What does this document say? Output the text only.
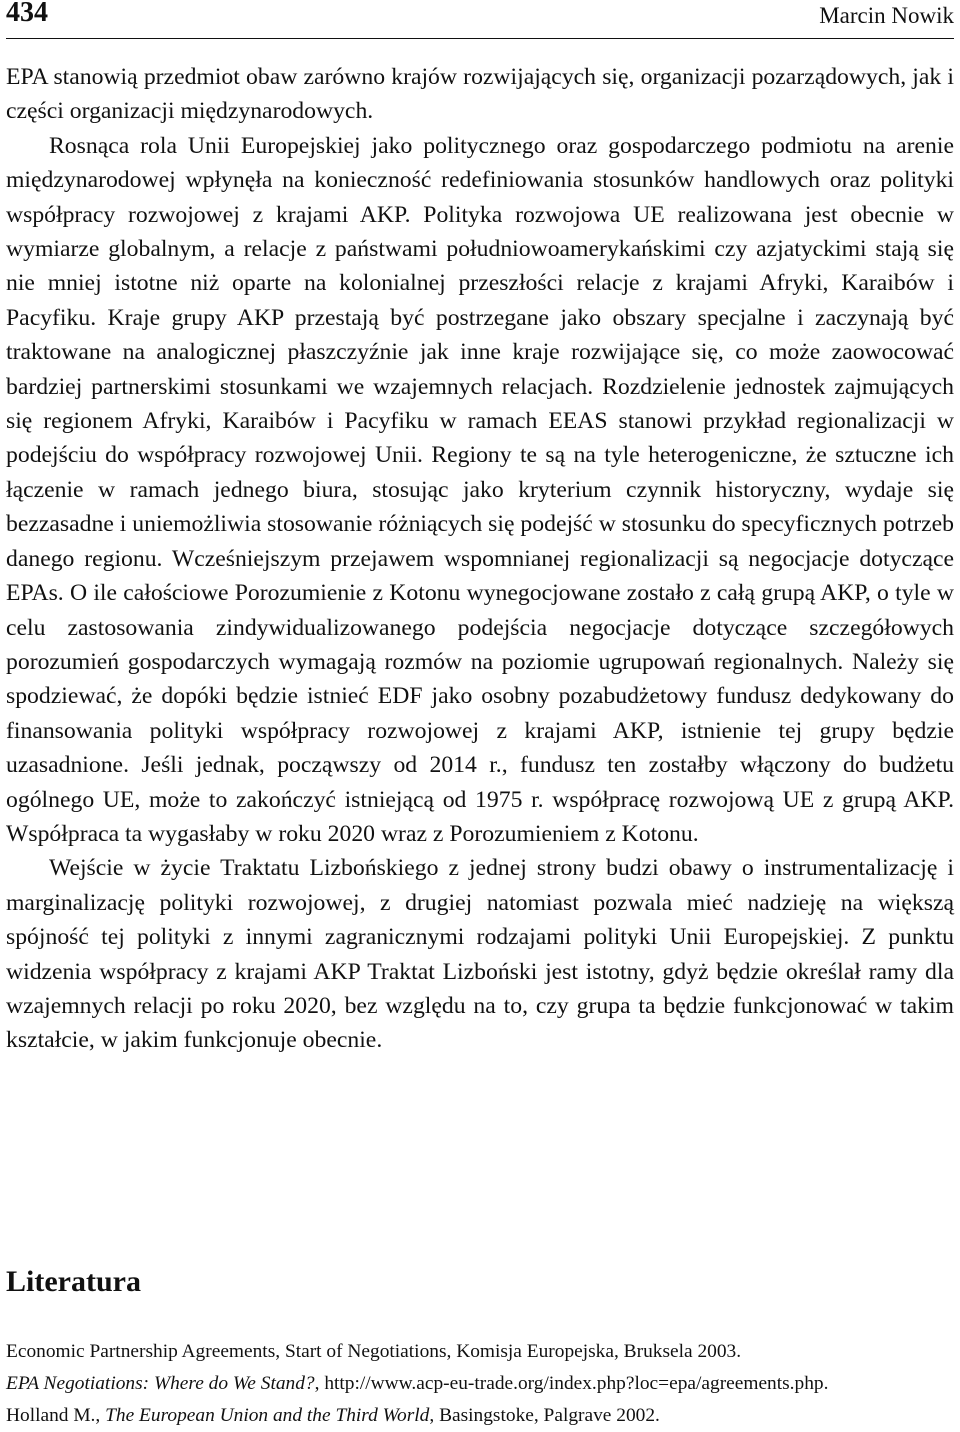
434	Marcin Nowik

EPA stanowią przedmiot obaw zarówno krajów rozwijających się, organizacji pozarządowych, jak i części organizacji międzynarodowych.

Rosnąca rola Unii Europejskiej jako politycznego oraz gospodarczego podmiotu na arenie międzynarodowej wpłynęła na konieczność redefiniowania stosunków handlowych oraz polityki współpracy rozwojowej z krajami AKP. Polityka rozwojowa UE realizowana jest obecnie w wymiarze globalnym, a relacje z państwami południowoamerykańskimi czy azjatyckimi stają się nie mniej istotne niż oparte na kolonialnej przeszłości relacje z krajami Afryki, Karaibów i Pacyfiku. Kraje grupy AKP przestają być postrzegane jako obszary specjalne i zaczynają być traktowane na analogicznej płaszczyźnie jak inne kraje rozwijające się, co może zaowocować bardziej partnerskimi stosunkami we wzajemnych relacjach. Rozdzielenie jednostek zajmujących się regionem Afryki, Karaibów i Pacyfiku w ramach EEAS stanowi przykład regionalizacji w podejściu do współpracy rozwojowej Unii. Regiony te są na tyle heterogeniczne, że sztuczne ich łączenie w ramach jednego biura, stosując jako kryterium czynnik historyczny, wydaje się bezzasadne i uniemożliwia stosowanie różniących się podejść w stosunku do specyficznych potrzeb danego regionu. Wcześniejszym przejawem wspomnianej regionalizacji są negocjacje dotyczące EPAs. O ile całościowe Porozumienie z Kotonu wynegocjowane zostało z całą grupą AKP, o tyle w celu zastosowania zindywidualizowanego podejścia negocjacje dotyczące szczegółowych porozumień gospodarczych wymagają rozmów na poziomie ugrupowań regionalnych. Należy się spodziewać, że dopóki będzie istnieć EDF jako osobny pozabudżetowy fundusz dedykowany do finansowania polityki współpracy rozwojowej z krajami AKP, istnienie tej grupy będzie uzasadnione. Jeśli jednak, począwszy od 2014 r., fundusz ten zostałby włączony do budżetu ogólnego UE, może to zakończyć istniejącą od 1975 r. współpracę rozwojową UE z grupą AKP. Współpraca ta wygasłaby w roku 2020 wraz z Porozumieniem z Kotonu.

Wejście w życie Traktatu Lizbońskiego z jednej strony budzi obawy o instrumentalizację i marginalizację polityki rozwojowej, z drugiej natomiast pozwala mieć nadzieję na większą spójność tej polityki z innymi zagranicznymi rodzajami polityki Unii Europejskiej. Z punktu widzenia współpracy z krajami AKP Traktat Lizboński jest istotny, gdyż będzie określał ramy dla wzajemnych relacji po roku 2020, bez względu na to, czy grupa ta będzie funkcjonować w takim kształcie, w jakim funkcjonuje obecnie.

Literatura
Economic Partnership Agreements, Start of Negotiations, Komisja Europejska, Bruksela 2003.
EPA Negotiations: Where do We Stand?, http://www.acp-eu-trade.org/index.php?loc=epa/agreements.php.
Holland M., The European Union and the Third World, Basingstoke, Palgrave 2002.
